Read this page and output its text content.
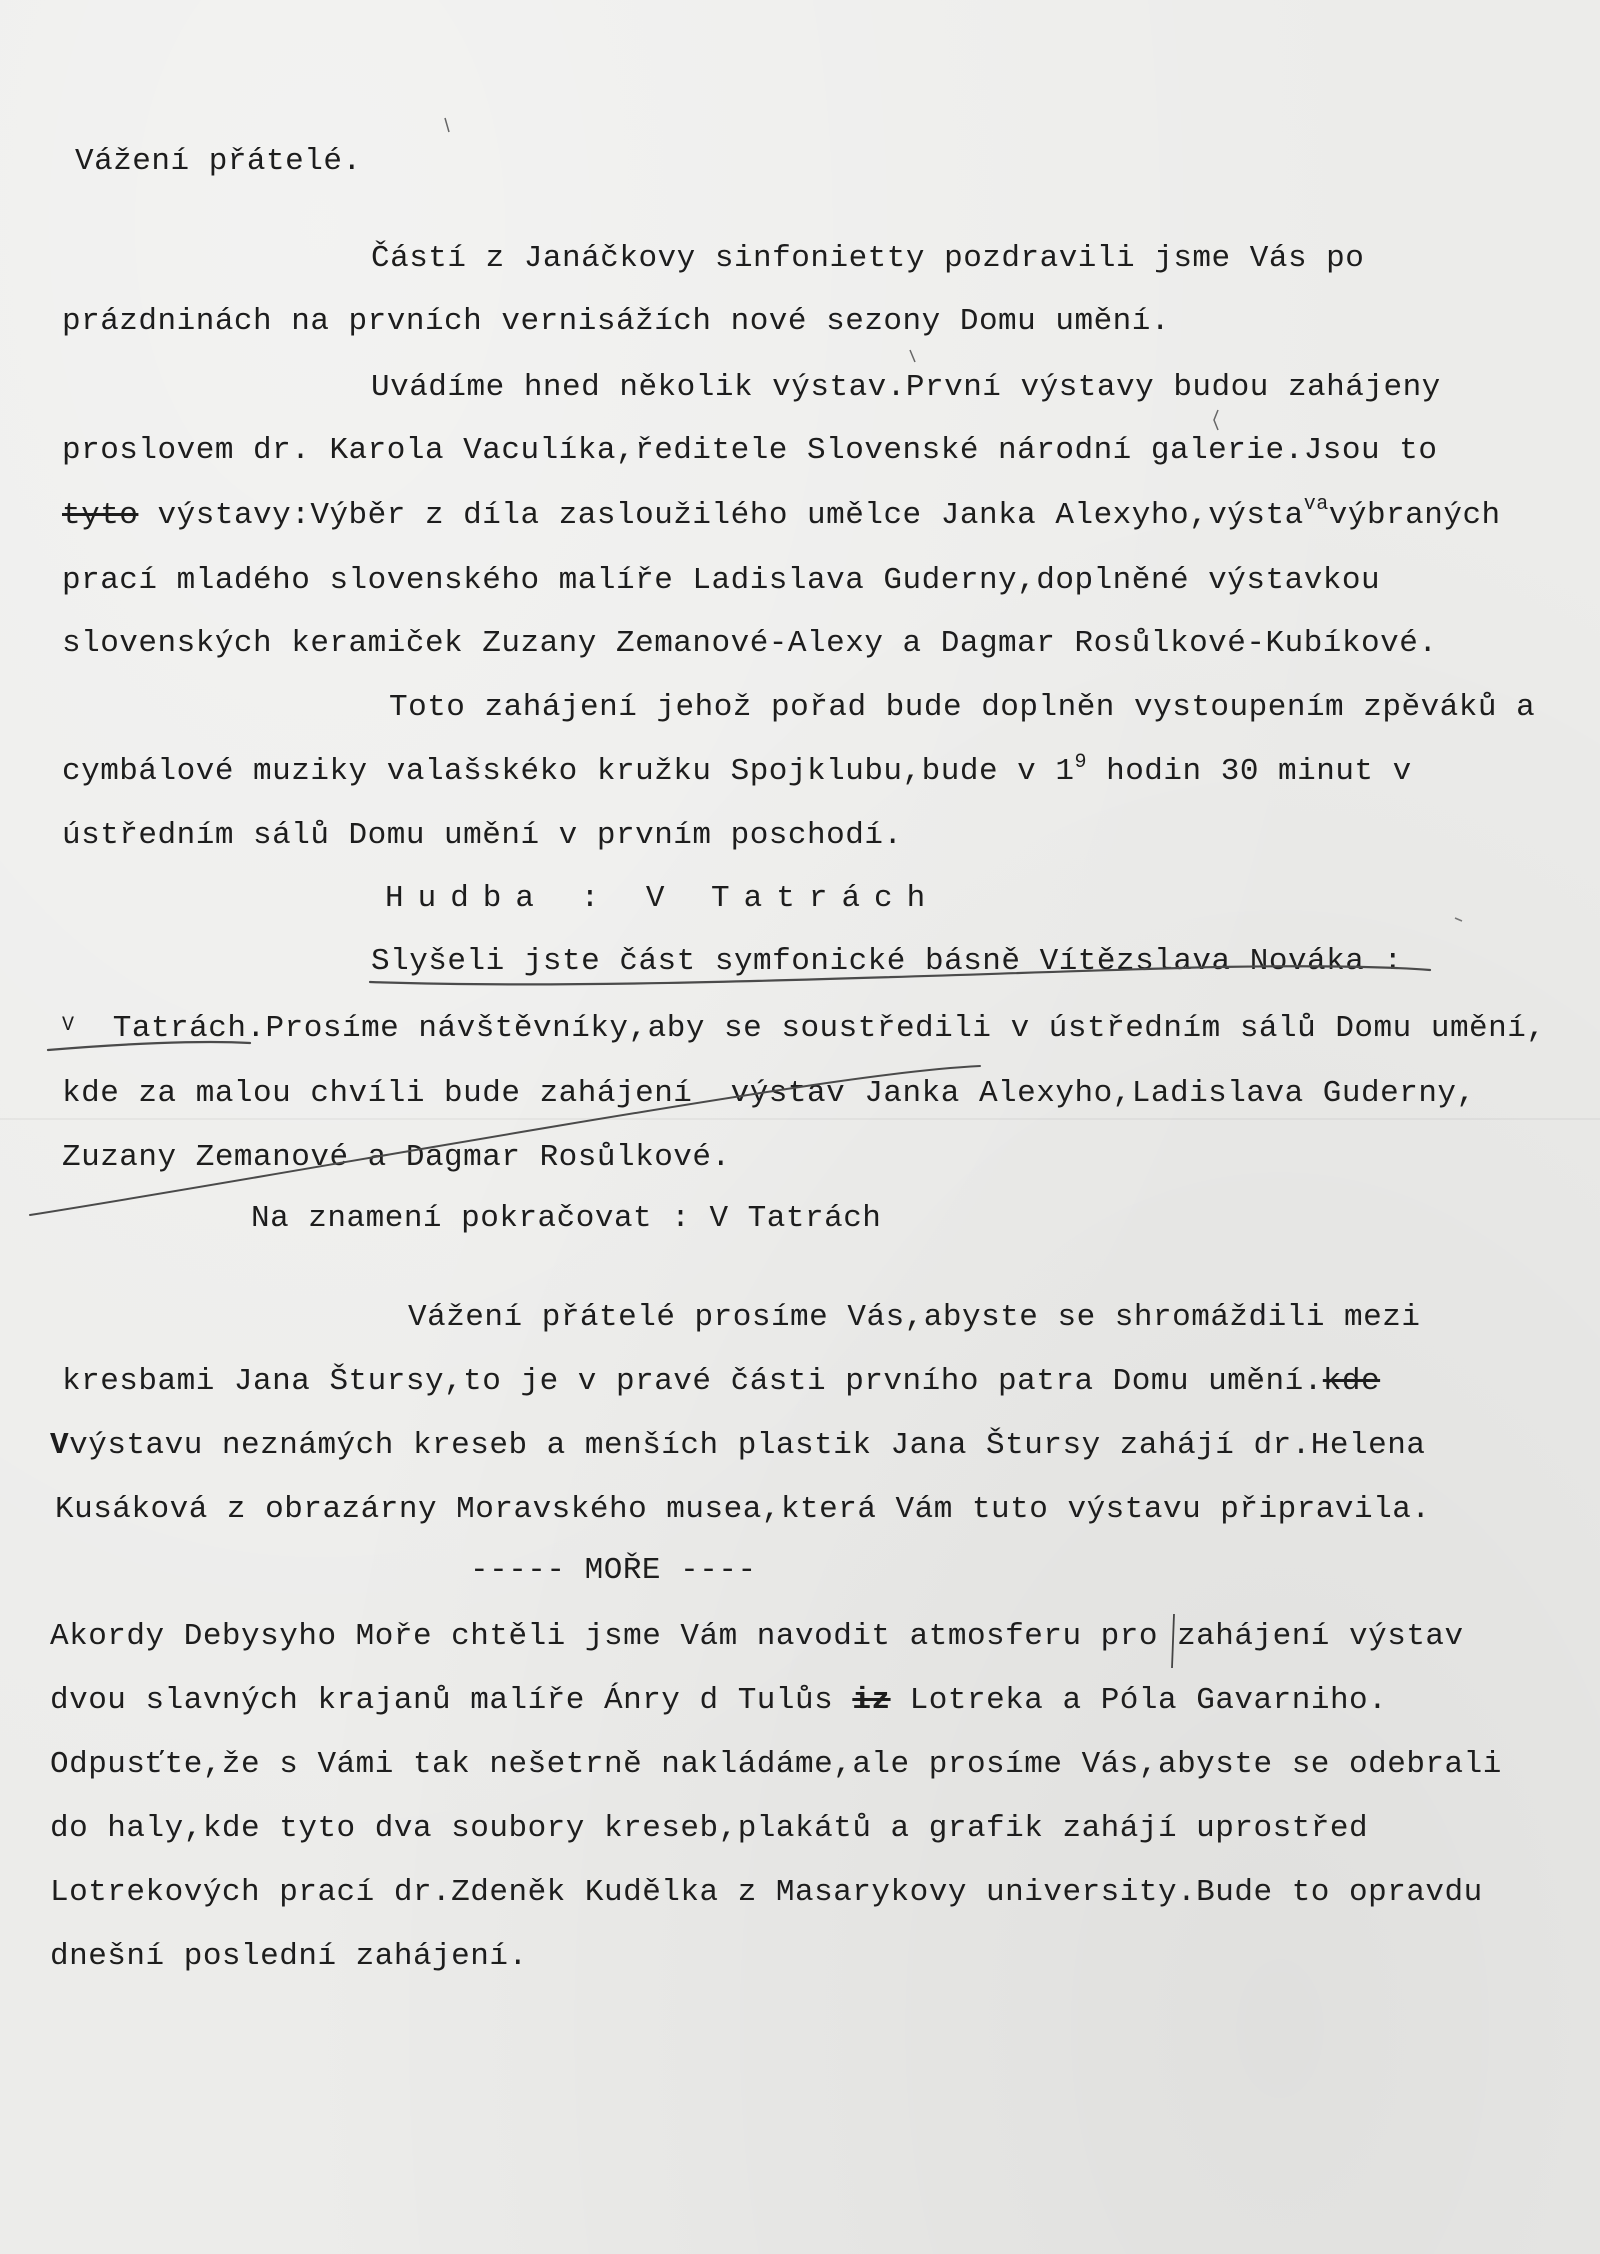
Vážení přátelé.
Částí z Janáčkovy sinfonietty pozdravili jsme Vás po
prázdninách na prvních vernisážích nové sezony Domu umění.
Uvádíme hned několik výstav.První výstavy budou zahájeny
proslovem dr. Karola Vaculíka,ředitele Slovenské národní galerie.Jsou to
tyto výstavy:Výběr z díla zasloužilého umělce Janka Alexyho,výsta$^{va}$výbraných
prací mladého slovenského malíře Ladislava Guderny,doplněné výstavkou
slovenských keramiček Zuzany Zemanové-Alexy a Dagmar Rosůlkové-Kubíkové.
Toto zahájení jehož pořad bude doplněn vystoupením zpěváků a
cymbálové muziky valašskéko kružku Spojklubu,bude v $1^9$ hodin 30 minut v
ústředním sálů Domu umění v prvním poschodí.
Hudba : V Tatrách
Slyšeli jste část symfonické básně Vítězslava Nováka :
V Tatrách.Prosíme návštěvníky,aby se soustředili v ústředním sálů Domu umění,
kde za malou chvíli bude zahájení  výstav Janka Alexyho,Ladislava Guderny,
Zuzany Zemanové a Dagmar Rosůlkové.
Na znamení pokračovat : V Tatrách
Vážení přátelé prosíme Vás,abyste se shromáždili mezi
kresbami Jana Štursy,to je v pravé části prvního patra Domu umění.kde
Vvýstavu neznámých kreseb a menších plastik Jana Štursy zahájí dr.Helena
Kusáková z obrazárny Moravského musea,která Vám tuto výstavu připravila.
----- MOŘE ----
Akordy Debysyho Moře chtěli jsme Vám navodit atmosferu pro zahájení výstav
dvou slavných krajanů malíře Ánry d Tulůs iz Lotreka a Póla Gavarniho.
Odpusťte,že s Vámi tak nešetrně nakládáme,ale prosíme Vás,abyste se odebrali
do haly,kde tyto dva soubory kreseb,plakátů a grafik zahájí uprostřed
Lotrekových prací dr.Zdeněk Kudělka z Masarykovy university.Bude to opravdu
dnešní poslední zahájení.
